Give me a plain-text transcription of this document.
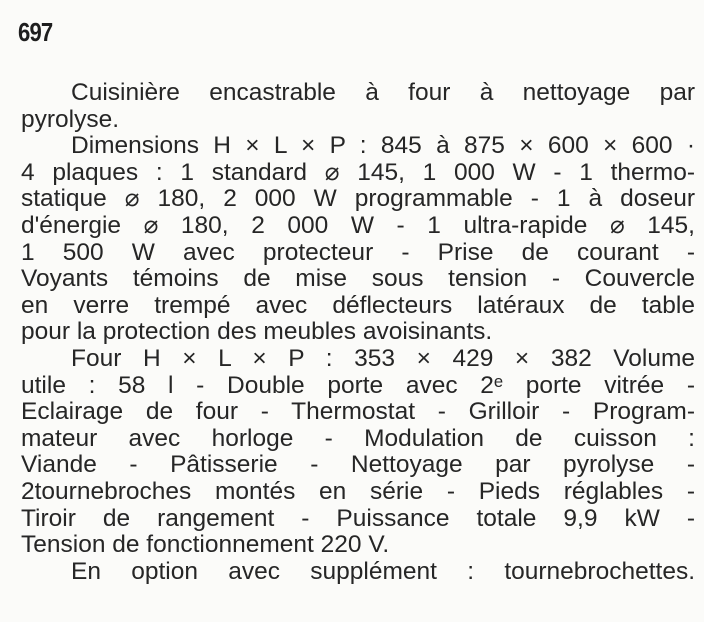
697
Cuisinière encastrable à four à nettoyage par
pyrolyse.
Dimensions H × L × P : 845 à 875 × 600 × 600 ·
4 plaques : 1 standard ⌀ 145, 1 000 W - 1 thermo-
statique ⌀ 180, 2 000 W programmable - 1 à doseur
d'énergie ⌀ 180, 2 000 W - 1 ultra-rapide ⌀ 145,
1 500 W avec protecteur - Prise de courant -
Voyants témoins de mise sous tension - Couvercle
en verre trempé avec déflecteurs latéraux de table
pour la protection des meubles avoisinants.
Four H × L × P : 353 × 429 × 382 Volume
utile : 58 l - Double porte avec 2ᵉ porte vitrée -
Eclairage de four - Thermostat - Grilloir - Program-
mateur avec horloge - Modulation de cuisson :
Viande - Pâtisserie - Nettoyage par pyrolyse -
2tournebroches montés en série - Pieds réglables -
Tiroir de rangement - Puissance totale 9,9 kW -
Tension de fonctionnement 220 V.
En option avec supplément : tournebrochettes.
